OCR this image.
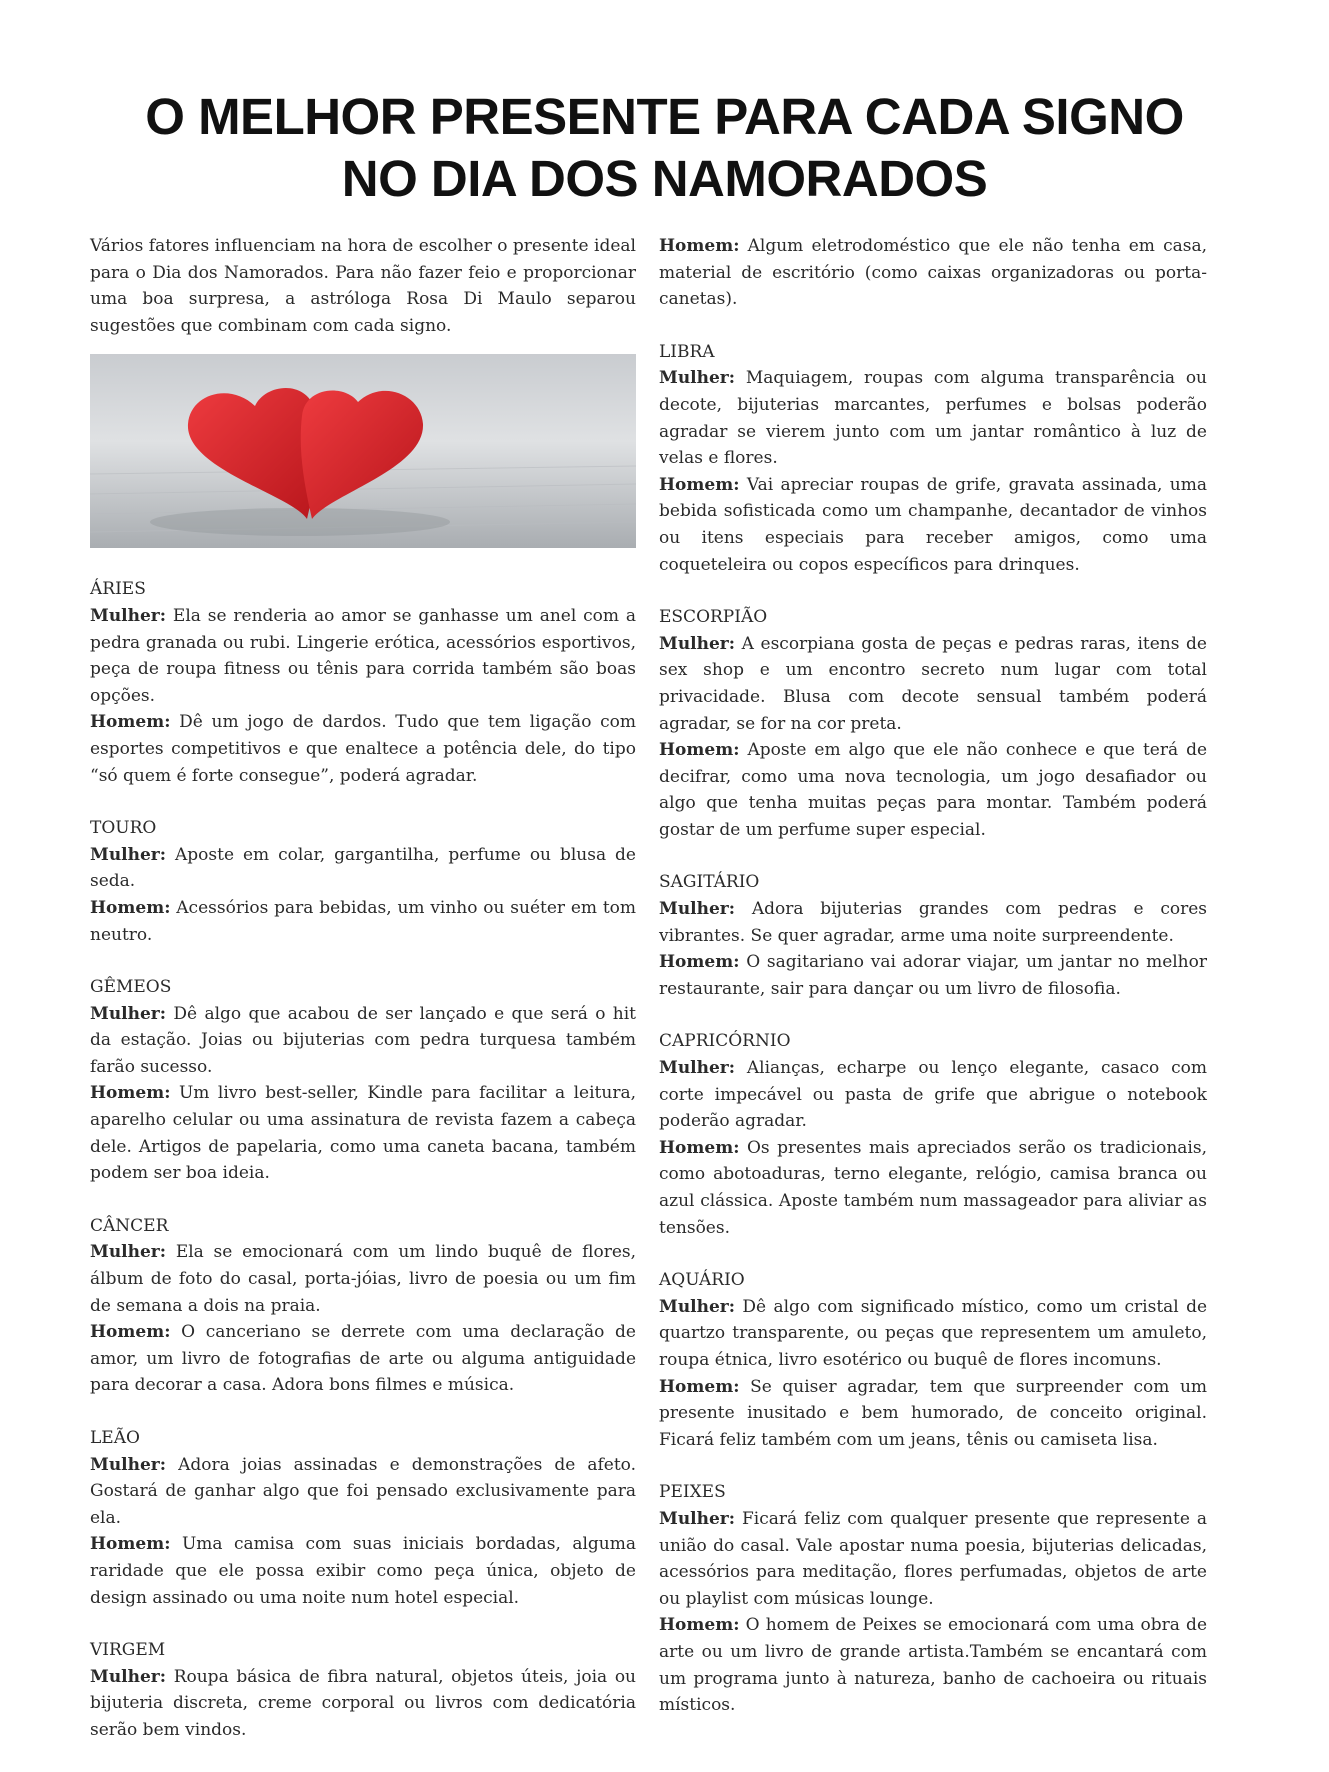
O MELHOR PRESENTE PARA CADA SIGNO
NO DIA DOS NAMORADOS

Vários fatores influenciam na hora de escolher o presente ideal para o Dia dos Namorados. Para não fazer feio e proporcionar uma boa surpresa, a astróloga Rosa Di Maulo separou sugestões que combinam com cada signo.

ÁRIES

Mulher: Ela se renderia ao amor se ganhasse um anel com a pedra granada ou rubi. Lingerie erótica, acessórios esportivos, peça de roupa fitness ou tênis para corrida também são boas opções.

Homem: Dê um jogo de dardos. Tudo que tem ligação com esportes competitivos e que enaltece a potência dele, do tipo “só quem é forte consegue”, poderá agradar.

TOURO

Mulher: Aposte em colar, gargantilha, perfume ou blusa de seda.

Homem: Acessórios para bebidas, um vinho ou suéter em tom neutro.

GÊMEOS

Mulher: Dê algo que acabou de ser lançado e que será o hit da estação. Joias ou bijuterias com pedra turquesa também farão sucesso.

Homem: Um livro best-seller, Kindle para facilitar a leitura, aparelho celular ou uma assinatura de revista fazem a cabeça dele. Artigos de papelaria, como uma caneta bacana, também podem ser boa ideia.

CÂNCER

Mulher: Ela se emocionará com um lindo buquê de flores, álbum de foto do casal, porta-jóias, livro de poesia ou um fim de semana a dois na praia.

Homem: O canceriano se derrete com uma declaração de amor, um livro de fotografias de arte ou alguma antiguidade para decorar a casa. Adora bons filmes e música.

LEÃO

Mulher: Adora joias assinadas e demonstrações de afeto. Gostará de ganhar algo que foi pensado exclusivamente para ela.

Homem: Uma camisa com suas iniciais bordadas, alguma raridade que ele possa exibir como peça única, objeto de design assinado ou uma noite num hotel especial.

VIRGEM

Mulher: Roupa básica de fibra natural, objetos úteis, joia ou bijuteria discreta, creme corporal ou livros com dedicatória serão bem vindos.

Homem: Algum eletrodoméstico que ele não tenha em casa, material de escritório (como caixas organizadoras ou porta-canetas).

LIBRA

Mulher: Maquiagem, roupas com alguma transparência ou decote, bijuterias marcantes, perfumes e bolsas poderão agradar se vierem junto com um jantar romântico à luz de velas e flores.

Homem: Vai apreciar roupas de grife, gravata assinada, uma bebida sofisticada como um champanhe, decantador de vinhos ou itens especiais para receber amigos, como uma coqueteleira ou copos específicos para drinques.

ESCORPIÃO

Mulher: A escorpiana gosta de peças e pedras raras, itens de sex shop e um encontro secreto num lugar com total privacidade. Blusa com decote sensual também poderá agradar, se for na cor preta.

Homem: Aposte em algo que ele não conhece e que terá de decifrar, como uma nova tecnologia, um jogo desafiador ou algo que tenha muitas peças para montar. Também poderá gostar de um perfume super especial.

SAGITÁRIO

Mulher: Adora bijuterias grandes com pedras e cores vibrantes. Se quer agradar, arme uma noite surpreendente.

Homem: O sagitariano vai adorar viajar, um jantar no melhor restaurante, sair para dançar ou um livro de filosofia.

CAPRICÓRNIO

Mulher: Alianças, echarpe ou lenço elegante, casaco com corte impecável ou pasta de grife que abrigue o notebook poderão agradar.

Homem: Os presentes mais apreciados serão os tradicionais, como abotoaduras, terno elegante, relógio, camisa branca ou azul clássica. Aposte também num massageador para aliviar as tensões.

AQUÁRIO

Mulher: Dê algo com significado místico, como um cristal de quartzo transparente, ou peças que representem um amuleto, roupa étnica, livro esotérico ou buquê de flores incomuns.

Homem: Se quiser agradar, tem que surpreender com um presente inusitado e bem humorado, de conceito original. Ficará feliz também com um jeans, tênis ou camiseta lisa.

PEIXES

Mulher: Ficará feliz com qualquer presente que represente a união do casal. Vale apostar numa poesia, bijuterias delicadas, acessórios para meditação, flores perfumadas, objetos de arte ou playlist com músicas lounge.

Homem: O homem de Peixes se emocionará com uma obra de arte ou um livro de grande artista.Também se encantará com um programa junto à natureza, banho de cachoeira ou rituais místicos.
